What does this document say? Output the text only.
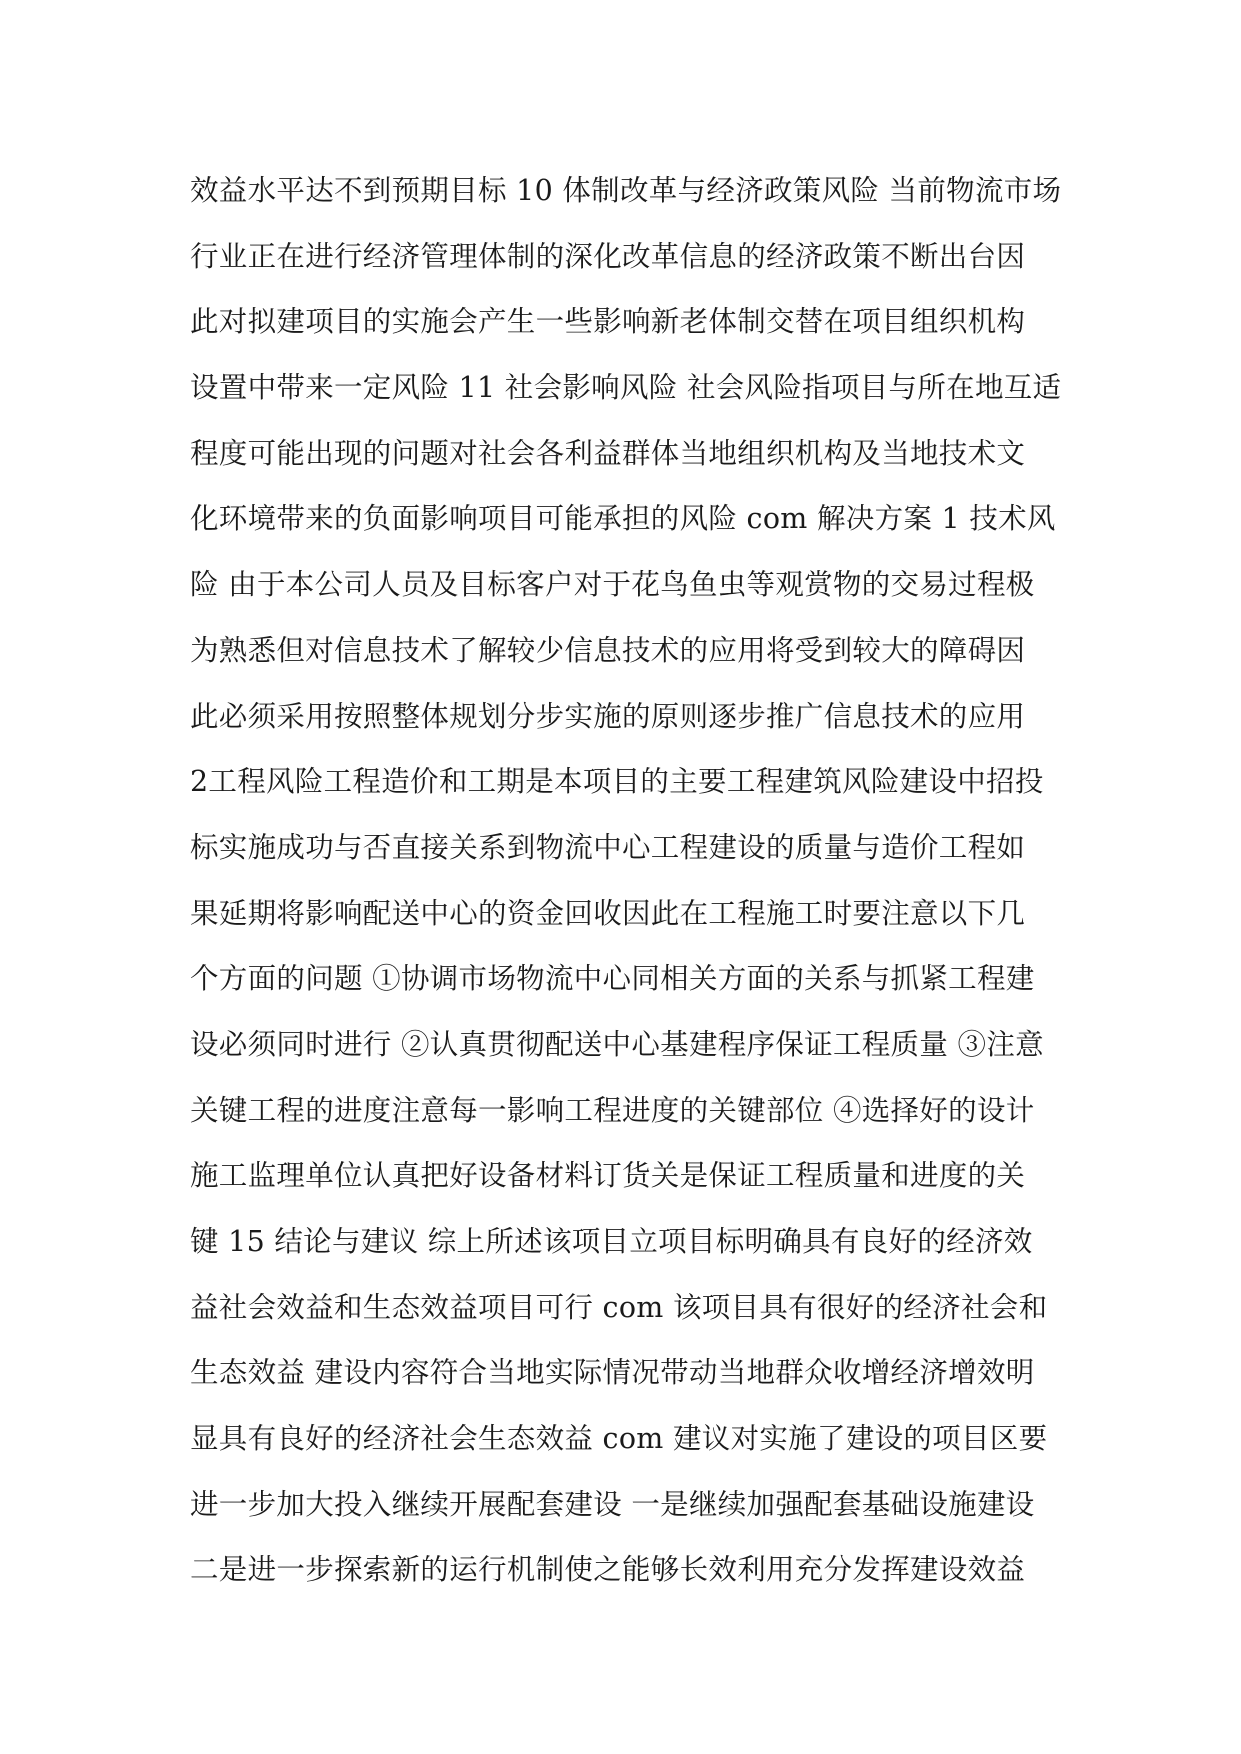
效益水平达不到预期目标 10 体制改革与经济政策风险 当前物流市场
行业正在进行经济管理体制的深化改革信息的经济政策不断出台因
此对拟建项目的实施会产生一些影响新老体制交替在项目组织机构
设置中带来一定风险 11 社会影响风险 社会风险指项目与所在地互适
程度可能出现的问题对社会各利益群体当地组织机构及当地技术文
化环境带来的负面影响项目可能承担的风险 com 解决方案 1 技术风
险 由于本公司人员及目标客户对于花鸟鱼虫等观赏物的交易过程极
为熟悉但对信息技术了解较少信息技术的应用将受到较大的障碍因
此必须采用按照整体规划分步实施的原则逐步推广信息技术的应用
2工程风险工程造价和工期是本项目的主要工程建筑风险建设中招投
标实施成功与否直接关系到物流中心工程建设的质量与造价工程如
果延期将影响配送中心的资金回收因此在工程施工时要注意以下几
个方面的问题 ①协调市场物流中心同相关方面的关系与抓紧工程建
设必须同时进行 ②认真贯彻配送中心基建程序保证工程质量 ③注意
关键工程的进度注意每一影响工程进度的关键部位 ④选择好的设计
施工监理单位认真把好设备材料订货关是保证工程质量和进度的关
键 15 结论与建议 综上所述该项目立项目标明确具有良好的经济效
益社会效益和生态效益项目可行 com 该项目具有很好的经济社会和
生态效益 建设内容符合当地实际情况带动当地群众收增经济增效明
显具有良好的经济社会生态效益 com 建议对实施了建设的项目区要
进一步加大投入继续开展配套建设 一是继续加强配套基础设施建设
二是进一步探索新的运行机制使之能够长效利用充分发挥建设效益
